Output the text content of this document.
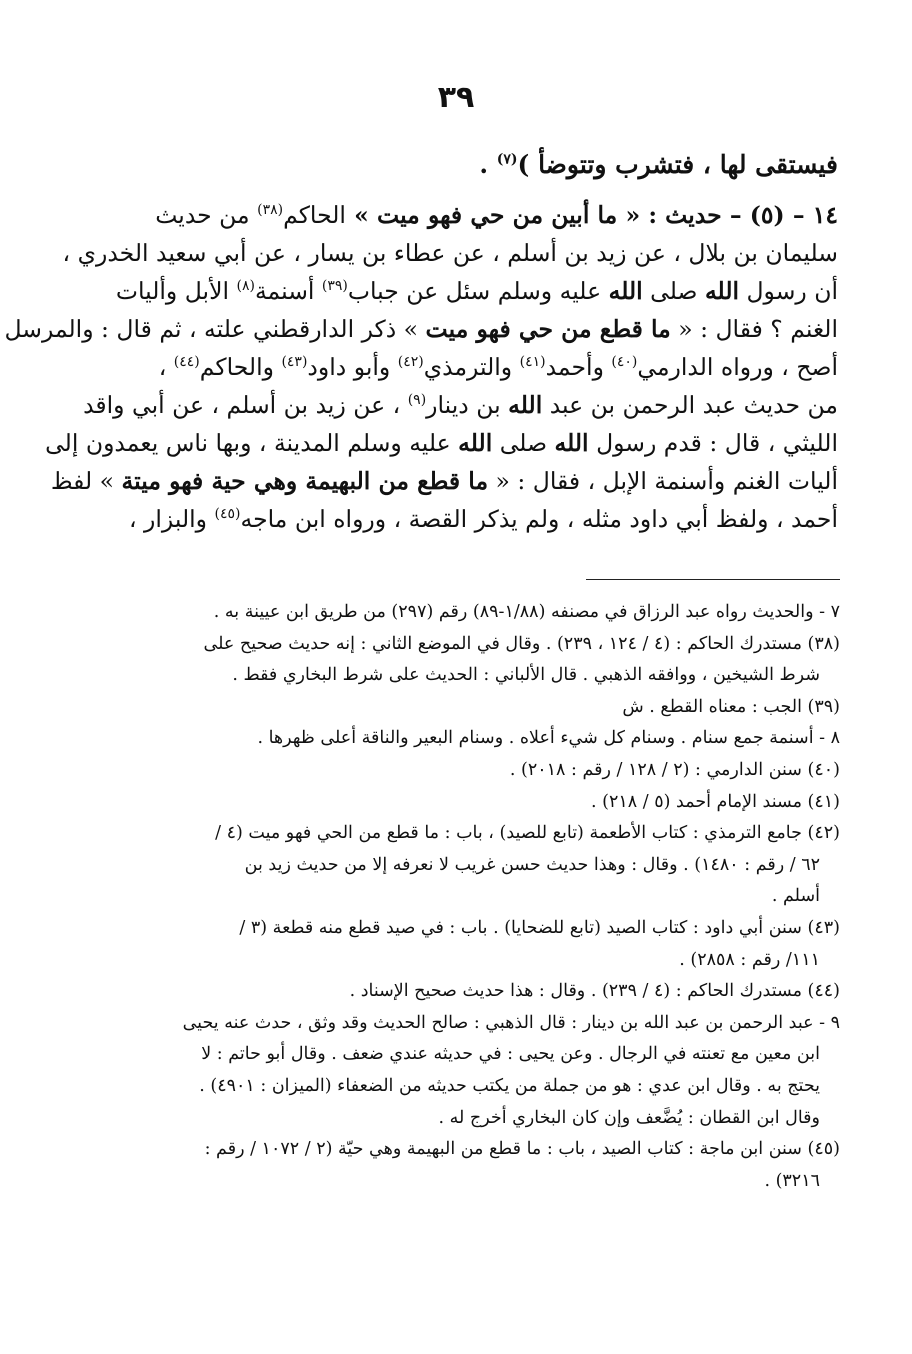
٣٩
فيستقى لها ، فتشرب وتتوضأ )$^{(٧)}$ .
١٤ – (٥) – حديث : « ما أبين من حي فهو ميت » الحاكم$^{(٣٨)}$ من حديث
سليمان بن بلال ، عن زيد بن أسلم ، عن عطاء بن يسار ، عن أبي سعيد الخدري ،
أن رسول الله صلى الله عليه وسلم سئل عن جباب$^{(٣٩)}$ أسنمة$^{(٨)}$ الأبل وأليات
الغنم ؟ فقال : « ما قطع من حي فهو ميت » ذكر الدارقطني علته ، ثم قال : والمرسل
أصح ، ورواه الدارمي$^{(٤٠)}$ وأحمد$^{(٤١)}$ والترمذي$^{(٤٢)}$ وأبو داود$^{(٤٣)}$ والحاكم$^{(٤٤)}$ ،
من حديث عبد الرحمن بن عبد الله بن دينار$^{(٩)}$ ، عن زيد بن أسلم ، عن أبي واقد
الليثي ، قال : قدم رسول الله صلى الله عليه وسلم المدينة ، وبها ناس يعمدون إلى
أليات الغنم وأسنمة الإبل ، فقال : « ما قطع من البهيمة وهي حية فهو ميتة » لفظ
أحمد ، ولفظ أبي داود مثله ، ولم يذكر القصة ، ورواه ابن ماجه$^{(٤٥)}$ والبزار ،
٧ - والحديث رواه عبد الرزاق في مصنفه (١/٨٨-٨٩) رقم (٢٩٧) من طريق ابن عيينة به .
(٣٨) مستدرك الحاكم : (٤ / ١٢٤ ، ٢٣٩) . وقال في الموضع الثاني : إنه حديث صحيح على
شرط الشيخين ، ووافقه الذهبي . قال الألباني : الحديث على شرط البخاري فقط .
(٣٩) الجب : معناه القطع . ش
٨ - أسنمة جمع سنام . وسنام كل شيء أعلاه . وسنام البعير والناقة أعلى ظهرها .
(٤٠) سنن الدارمي : (٢ / ١٢٨ / رقم : ٢٠١٨) .
(٤١) مسند الإمام أحمد (٥ / ٢١٨) .
(٤٢) جامع الترمذي : كتاب الأطعمة (تابع للصيد) ، باب : ما قطع من الحي فهو ميت (٤ /
٦٢ / رقم : ١٤٨٠) . وقال : وهذا حديث حسن غريب لا نعرفه إلا من حديث زيد بن
أسلم .
(٤٣) سنن أبي داود : كتاب الصيد (تابع للضحايا) . باب : في صيد قطع منه قطعة (٣ /
١١١/ رقم : ٢٨٥٨) .
(٤٤) مستدرك الحاكم : (٤ / ٢٣٩) . وقال : هذا حديث صحيح الإسناد .
٩ - عبد الرحمن بن عبد الله بن دينار : قال الذهبي : صالح الحديث وقد وثق ، حدث عنه يحيى
ابن معين مع تعنته في الرجال . وعن يحيى : في حديثه عندي ضعف . وقال أبو حاتم : لا
يحتج به . وقال ابن عدي : هو من جملة من يكتب حديثه من الضعفاء (الميزان : ٤٩٠١) .
وقال ابن القطان : يُضَّعف وإن كان البخاري أخرج له .
(٤٥) سنن ابن ماجة : كتاب الصيد ، باب : ما قطع من البهيمة وهي حيّة (٢ / ١٠٧٢ / رقم :
٣٢١٦) .
